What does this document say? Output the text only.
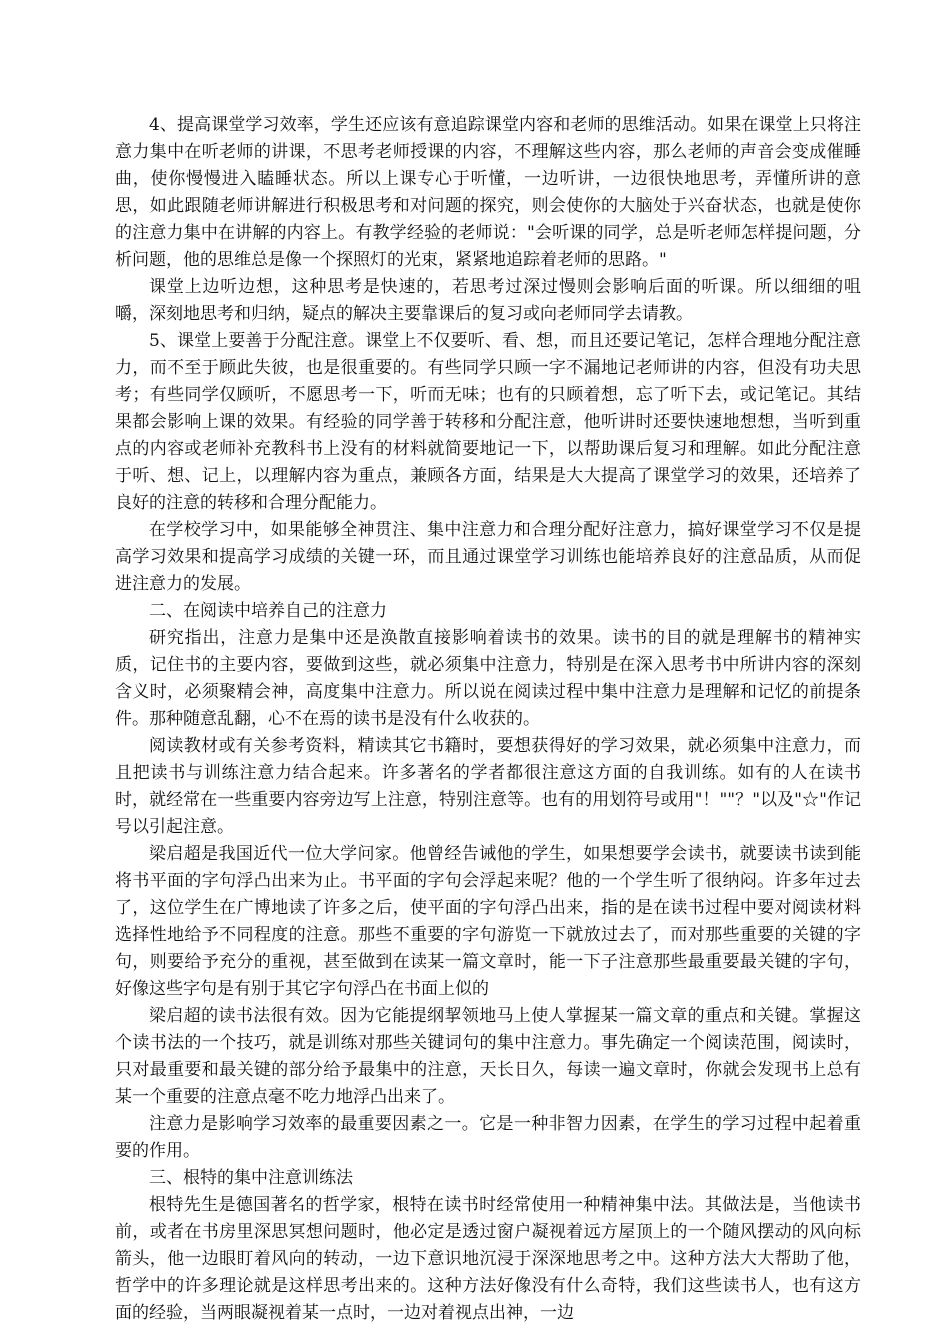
4、提高课堂学习效率，学生还应该有意追踪课堂内容和老师的思维活动。如果在课堂上只将注意力集中在听老师的讲课，不思考老师授课的内容，不理解这些内容，那么老师的声音会变成催睡曲，使你慢慢进入瞌睡状态。所以上课专心于听懂，一边听讲，一边很快地思考，弄懂所讲的意思，如此跟随老师讲解进行积极思考和对问题的探究，则会使你的大脑处于兴奋状态，也就是使你的注意力集中在讲解的内容上。有教学经验的老师说："会听课的同学，总是听老师怎样提问题，分析问题，他的思维总是像一个探照灯的光束，紧紧地追踪着老师的思路。"

课堂上边听边想，这种思考是快速的，若思考过深过慢则会影响后面的听课。所以细细的咀嚼，深刻地思考和归纳，疑点的解决主要靠课后的复习或向老师同学去请教。

5、课堂上要善于分配注意。课堂上不仅要听、看、想，而且还要记笔记，怎样合理地分配注意力，而不至于顾此失彼，也是很重要的。有些同学只顾一字不漏地记老师讲的内容，但没有功夫思考；有些同学仅顾听，不愿思考一下，听而无味；也有的只顾着想，忘了听下去，或记笔记。其结果都会影响上课的效果。有经验的同学善于转移和分配注意，他听讲时还要快速地想想，当听到重点的内容或老师补充教科书上没有的材料就简要地记一下，以帮助课后复习和理解。如此分配注意于听、想、记上，以理解内容为重点，兼顾各方面，结果是大大提高了课堂学习的效果，还培养了良好的注意的转移和合理分配能力。

在学校学习中，如果能够全神贯注、集中注意力和合理分配好注意力，搞好课堂学习不仅是提高学习效果和提高学习成绩的关键一环，而且通过课堂学习训练也能培养良好的注意品质，从而促进注意力的发展。

二、在阅读中培养自己的注意力

研究指出，注意力是集中还是涣散直接影响着读书的效果。读书的目的就是理解书的精神实质，记住书的主要内容，要做到这些，就必须集中注意力，特别是在深入思考书中所讲内容的深刻含义时，必须聚精会神，高度集中注意力。所以说在阅读过程中集中注意力是理解和记忆的前提条件。那种随意乱翻，心不在焉的读书是没有什么收获的。

阅读教材或有关参考资料，精读其它书籍时，要想获得好的学习效果，就必须集中注意力，而且把读书与训练注意力结合起来。许多著名的学者都很注意这方面的自我训练。如有的人在读书时，就经常在一些重要内容旁边写上注意，特别注意等。也有的用划符号或用"！""？"以及"☆"作记号以引起注意。

梁启超是我国近代一位大学问家。他曾经告诫他的学生，如果想要学会读书，就要读书读到能将书平面的字句浮凸出来为止。书平面的字句会浮起来呢？他的一个学生听了很纳闷。许多年过去了，这位学生在广博地读了许多之后，使平面的字句浮凸出来，指的是在读书过程中要对阅读材料选择性地给予不同程度的注意。那些不重要的字句游览一下就放过去了，而对那些重要的关键的字句，则要给予充分的重视，甚至做到在读某一篇文章时，能一下子注意那些最重要最关键的字句，好像这些字句是有别于其它字句浮凸在书面上似的

梁启超的读书法很有效。因为它能提纲挈领地马上使人掌握某一篇文章的重点和关键。掌握这个读书法的一个技巧，就是训练对那些关键词句的集中注意力。事先确定一个阅读范围，阅读时，只对最重要和最关键的部分给予最集中的注意，天长日久，每读一遍文章时，你就会发现书上总有某一个重要的注意点毫不吃力地浮凸出来了。

注意力是影响学习效率的最重要因素之一。它是一种非智力因素，在学生的学习过程中起着重要的作用。

三、根特的集中注意训练法

根特先生是德国著名的哲学家，根特在读书时经常使用一种精神集中法。其做法是，当他读书前，或者在书房里深思冥想问题时，他必定是透过窗户凝视着远方屋顶上的一个随风摆动的风向标箭头，他一边眼盯着风向的转动，一边下意识地沉浸于深深地思考之中。这种方法大大帮助了他，哲学中的许多理论就是这样思考出来的。这种方法好像没有什么奇特，我们这些读书人，也有这方面的经验，当两眼凝视着某一点时，一边对着视点出神，一边
